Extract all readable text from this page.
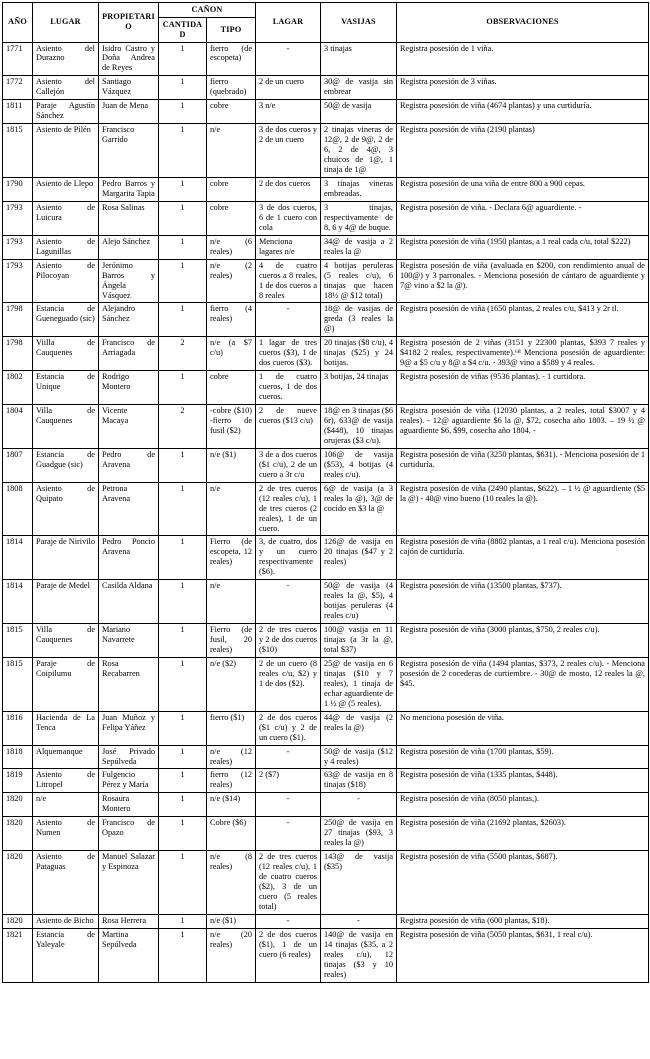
AÑO	LUGAR	PROPIETARIO	CAÑON		LAGAR	VASIJAS	OBSERVACIONES
			CANTIDAD	TIPO			
1771	Asiento del Durazno	Isidro Castro y Doña Andrea de Reyes	1	fierro (de escopeta)	-	3 tinajas	Registra posesión de 1 viña.
1772	Asiento del Callejón	Santiago Vázquez	1	fierro (quebrado)	2 de un cuero	30@ de vasija sin embrear	Registra posesión de 3 viñas.
1811	Paraje Agustín Sánchez	Juan de Mena	1	cobre	3 n/e	50@ de vasija	Registra posesión de viña (4674 plantas) y una curtiduría.
1815	Asiento de Pilén	Francisco Garrido	1	n/e	3 de dos cueros y 2 de un cuero	2 tinajas vineras de 12@, 2 de 9@, 2 de 6, 2 de 4@, 3 chuicos de 1@, 1 tinaja de 1@	Registra posesión de viña (2190 plantas)
1790	Asiento de Llepo	Pedro Barros y Margarita Tapia	1	cobre	2 de dos cueros	3 tinajas vineras embreadas.	Registra posesión de una viña de entre 800 a 900 cepas.
1793	Asiento de Luicura	Rosa Salinas	1	cobre	3 de dos cueros, 6 de 1 cuero con cola	3 tinajas, respectivamente de 8, 6 y 4@ de buque.	Registra posesión de viña. - Declara 6@ aguardiente. -
1793	Asiento de Lagunillas	Alejo Sánchez	1	n/e (6 reales)	Menciona lagares n/e	34@ de vasija a 2 reales la @	Registra posesión de viña (1950 plantas, a 1 real cada c/u, total $222)
1793	Asiento de Pilocoyan	Jerónimo Barros y Ángela Vásquez	1	n/e (2 reales)	4 de cuatro cueros a 8 reales, 1 de dos cueros a 8 reales	4 botijas peruleras (5 reales c/u), 6 tinajas que hacen 18½ @ $12 total)	Registra posesión de viña (avaluada en $200, con rendimiento anual de 100@) y 3 parronales. - Menciona posesión de cántaro de aguardiente y 7@ vino a $2 la @).
1798	Estancia de Gueneguado (sic)	Alejandro Sánchez	1	fierro (4 reales)	-	18@ de vasijas de greda (3 reales la @)	Registra posesión de viña (1650 plantas, 2 reales c/u, $413 y 2r tl.
1798	Viilla de Cauquenes	Francisco de Arriagada	2	n/e (a $7 c/u)	1 lagar de tres cueros ($3), 1 de dos cueros ($3).	20 tinajas ($8 c/u), 4 tinajas ($25) y 24 botijas.	Registra posesión de 2 viñas (3151 y 22300 plantas, $393 7 reales y $4182 2 reales, respectivamente).⁶⁸ Menciona posesión de aguardiente: 9@ a $5 c/u y 8@ a $4 c/u. - 393@ vino a $589 y 4 reales.
1802	Estancia de Unique	Rodrigo Montero	1	cobre	1 de cuatro cueros, 1 de dos cueros.	3 botijas, 24 tinajas	Registra posesión de viñas (9536 plantas). - 1 curtidora.
1804	Villa de Cauquenes	Vicente Macaya	2	-cobre ($10) -fierro de fusil ($2)	2 de nueve cueros ($13 c/u)	18@ en 3 tinajas ($6 6r), 633@ de vasija ($448), 10 tinajas orujeras ($3 c/u).	Registra posesión de viña (12030 plantas, a 2 reales, total $3007 y 4 reales). - 12@ aguardiente $6 la @, $72, cosecha año 1803. – 19 ½ @ aguardiente $6, $99, cosecha año 1804. -
1807	Estancia de Guadgue (sic)	Pedro de Aravena	1	n/e ($1)	3 de a dos cueros ($1 c/u), 2 de un cuero a 3r c/u	106@ de vasija ($53), 4 botijas (4 reales c/u).	Registra posesión de viña (3250 plantas, $631). - Menciona posesión de 1 curtiduría.
1808	Asiento de Quipato	Petrona Aravena	1	n/e	2 de tres cueros (12 reales c/u), 1 de tres cueros (2 reales), 1 de un cuero.	6@ de vasija (a 3 reales la @), 3@ de cocido en $3 la @	Registra posesión de viña (2490 plantas, $622). – 1 ½ @ aguardiente ($5 la @) - 40@ vino bueno (10 reales la @).
1814	Paraje de Nirivilo	Pedro Poncio Aravena	1	Fierro (de escopeta, 12 reales)	3, de cuatro, dos y un cuero respectivamente ($6).	126@ de vasija en 20 tinajas ($47 y 2 reales)	Registra posesión de viña (8802 plantas, a 1 real c/u). Menciona posesión cajón de curtiduría.
1814	Paraje de Medel	Casilda Aldana	1	n/e	-	50@ de vasija (4 reales la @, $5), 4 botijas peruleras (4 reales c/u)	Registra posesión de viña (13500 plantas, $737).
1815	Villa de Cauquenes	Mariano Navarrete	1	Fierro (de fusil, 20 reales)	2 de tres cueros y 2 de dos cueros ($10)	100@ vasija en 11 tinajas (a 3r la @, total $37)	Registra posesión de viña (3000 plantas, $750, 2 reales c/u).
1815	Paraje de Coipilumu	Rosa Recabarren	1	n/e ($2)	2 de un cuero (8 reales c/u, $2) y 1 de dos ($2).	25@ de vasija en 6 tinajas ($10 y 7 reales), 1 tinaja de echar aguardiente de 1 ½ @ (5 reales).	Registra posesión de viña (1494 plantas, $373, 2 reales c/u). - Menciona posesión de 2 cocederas de curtiembre. - 30@ de mosto, 12 reales la @, $45.
1816	Hacienda de La Tenca	Juan Muñoz y Felipa Yáñez	1	fierro ($1)	2 de dos cueros ($1 c/u) y 2 de un cuero ($1).	44@ de vasija (2 reales la @)	No menciona posesión de viña.
1818	Alquemanque	José Privado Sepúlveda	1	n/e (12 reales)	-	50@ de vasija ($12 y 4 reales)	Registra posesión de viña (1700 plantas, $59).
1819	Asiento de Litropel	Fulgencio Pérez y María	1	fierro (12 reales)	2 ($7)	63@ de vasija en 8 tinajas ($18)	Registra posesión de viña (1335 plantas, $448).
1820	n/e	Rosaura Montero	1	n/e ($14)	-	-	Registra posesión de viña (8050 plantas,).
1820	Asiento de Numen	Francisco de Opazo	1	Cobre ($6)	-	250@ de vasija en 27 tinajas ($93, 3 reales la @)	Registra posesión de viña (21692 plantas, $2603).
1820	Asiento de Pataguas	Manuel Salazar y Espinoza	1	n/e (8 reales)	2 de tres cueros (12 reales c/u), 1 de cuatro cueros ($2), 3 de un cuero (5 reales total)	143@ de vasija ($35)	Registra posesión de viña (5500 plantas, $687).
1820	Asiento de Bicho	Rosa Herrera	1	n/e ($1)	-	-	Registra posesión de viña (600 plantas, $18).
1821	Estancia de Yaleyale	Martina Sepúlveda	1	n/e (20 reales)	2 de dos cueros ($1), 1 de un cuero (6 reales)	140@ de vasija en 14 tinajas ($35, a 2 reales c/u), 12 tinajas ($3 y 10 reales)	Registra posesión de viña (5050 plantas, $631, 1 real c/u).
